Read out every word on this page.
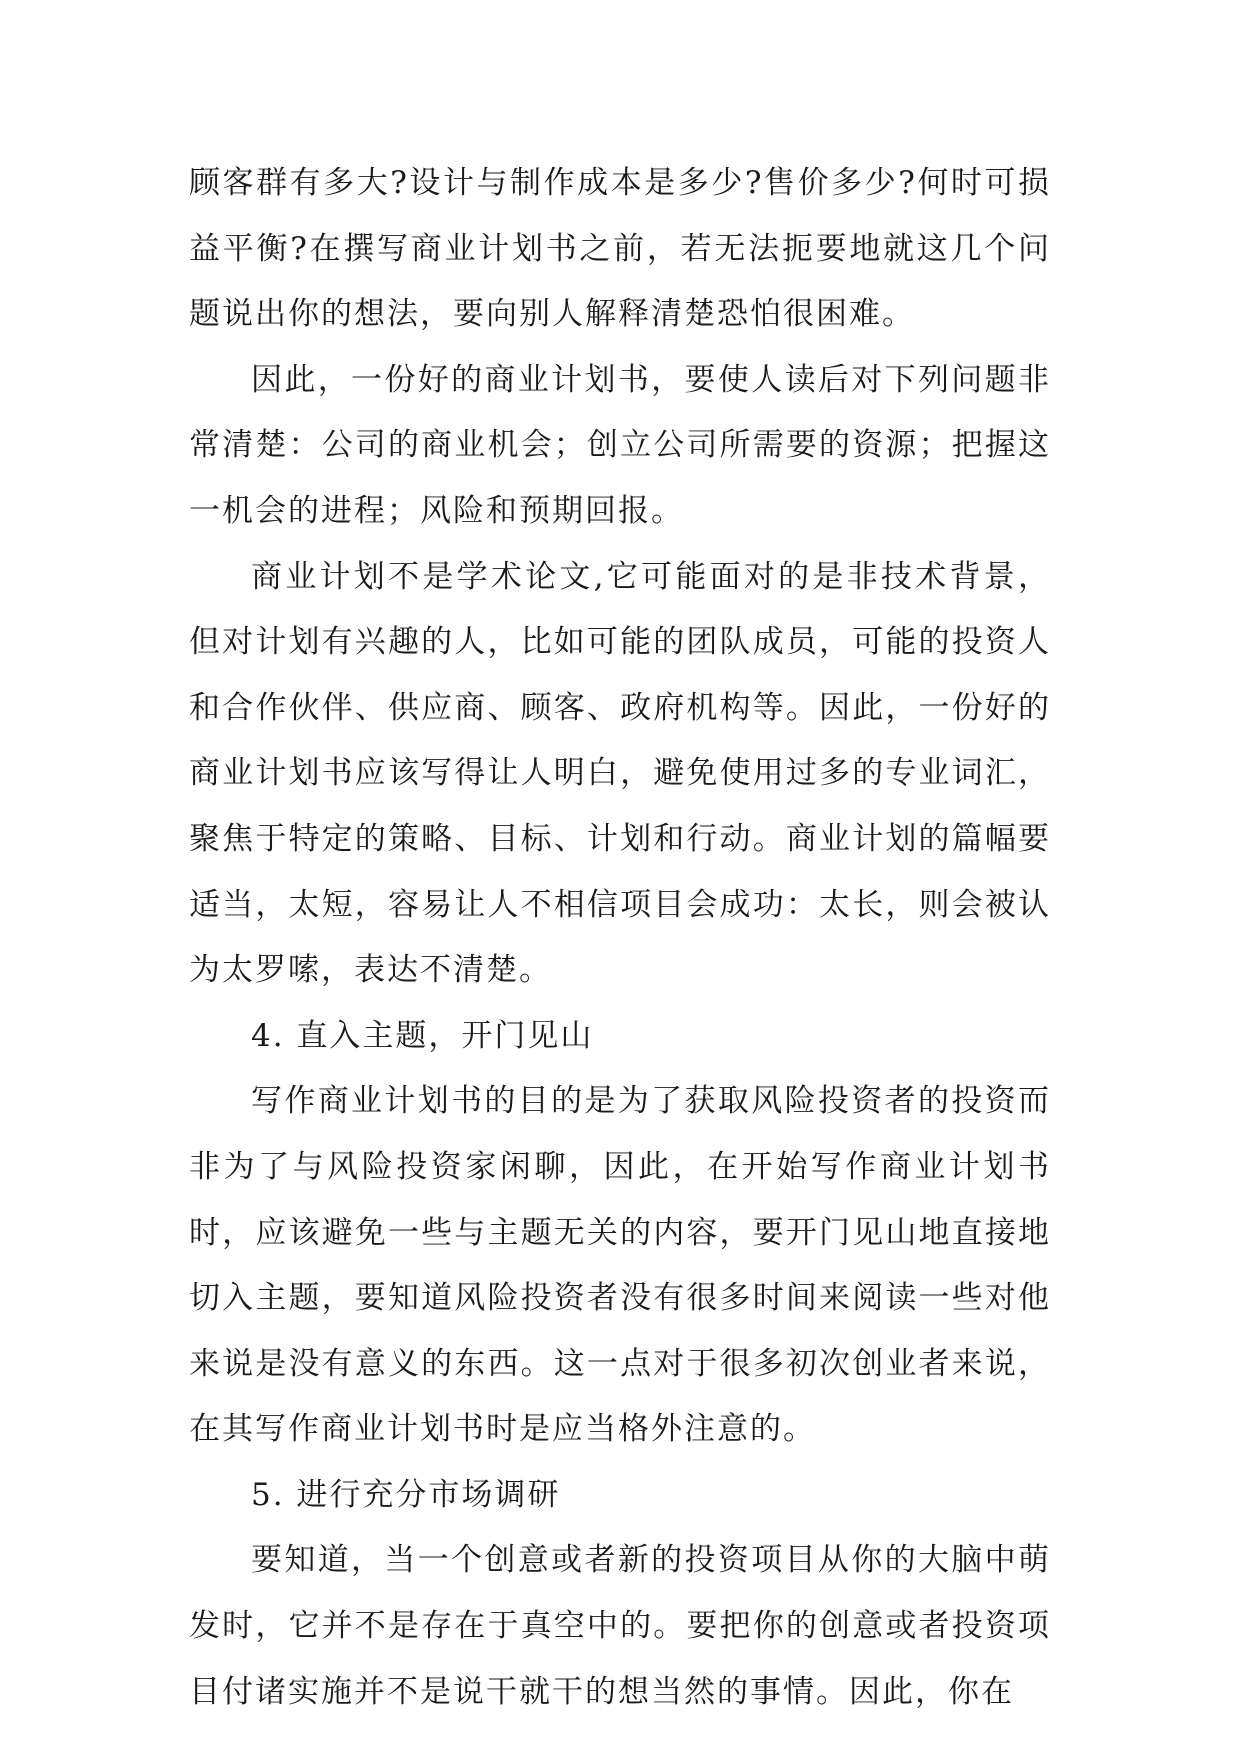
顾客群有多大?设计与制作成本是多少?售价多少?何时可损益平衡?在撰写商业计划书之前，若无法扼要地就这几个问题说出你的想法，要向别人解释清楚恐怕很困难。

因此，一份好的商业计划书，要使人读后对下列问题非常清楚：公司的商业机会；创立公司所需要的资源；把握这一机会的进程；风险和预期回报。

商业计划不是学术论文,它可能面对的是非技术背景，但对计划有兴趣的人，比如可能的团队成员，可能的投资人和合作伙伴、供应商、顾客、政府机构等。因此，一份好的商业计划书应该写得让人明白，避免使用过多的专业词汇，聚焦于特定的策略、目标、计划和行动。商业计划的篇幅要适当，太短，容易让人不相信项目会成功：太长，则会被认为太罗嗦，表达不清楚。

4. 直入主题，开门见山

写作商业计划书的目的是为了获取风险投资者的投资而非为了与风险投资家闲聊，因此，在开始写作商业计划书时，应该避免一些与主题无关的内容，要开门见山地直接地切入主题，要知道风险投资者没有很多时间来阅读一些对他来说是没有意义的东西。这一点对于很多初次创业者来说，在其写作商业计划书时是应当格外注意的。

5. 进行充分市场调研

要知道，当一个创意或者新的投资项目从你的大脑中萌发时，它并不是存在于真空中的。要把你的创意或者投资项目付诸实施并不是说干就干的想当然的事情。因此，你在
